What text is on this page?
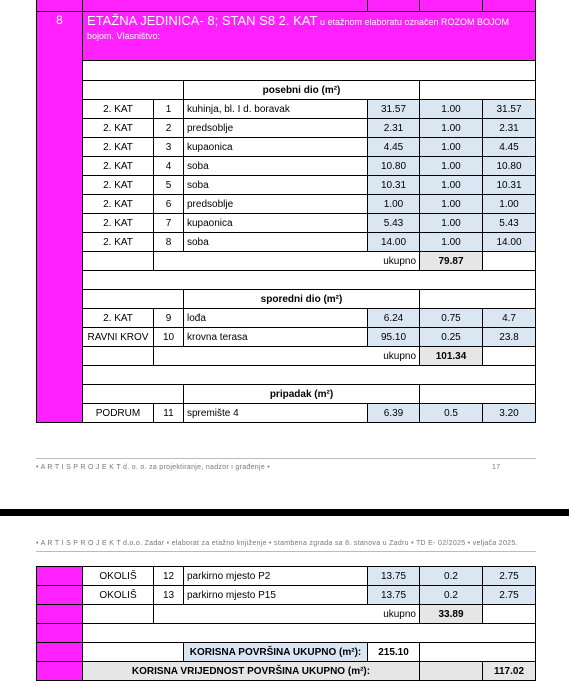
8	ETAŽNA JEDINICA- 8; STAN S8 2. KAT u etažnom elaboratu označen ROZOM BOJOM
bojom. Vlasništvo:						

			posebni dio (m²)				
	2. KAT	1	kuhinja, bl. I d. boravak	31.57	1.00	31.57	
	2. KAT	2	predsoblje	2.31	1.00	2.31	
	2. KAT	3	kupaonica	4.45	1.00	4.45	
	2. KAT	4	soba	10.80	1.00	10.80	
	2. KAT	5	soba	10.31	1.00	10.31	
	2. KAT	6	predsoblje	1.00	1.00	1.00	
	2. KAT	7	kupaonica	5.43	1.00	5.43	
	2. KAT	8	soba	14.00	1.00	14.00	
		ukupno			79.87		

			sporedni dio (m²)				
	2. KAT	9	lođa	6.24	0.75	4.7	
	RAVNI KROV	10	krovna terasa	95.10	0.25	23.8	
		ukupno			101.34		

			pripadak (m²)				
	PODRUM	11	spremište 4	6.39	0.5	3.20	
	OKOLIŠ	12	parkirno mjesto P2	13.75	0.2	2.75	
	OKOLIŠ	13	parkirno mjesto P15	13.75	0.2	2.75	
		ukupno			33.89		

			KORISNA POVRŠINA UKUPNO (m²):	215.10			
	KORISNA VRIJEDNOST POVRŠINA UKUPNO (m²):					117.02	
• A R T I S P R O J E K T d. o. o. za projektiranje, nadzor i građenje •	17
• A R T I S P R O J E K T d.o.o. Zadar • elaborat za etažno knjiženje • stambena zgrada sa 8. stanova u Zadru • TD E- 02/2025 • veljača 2025.
